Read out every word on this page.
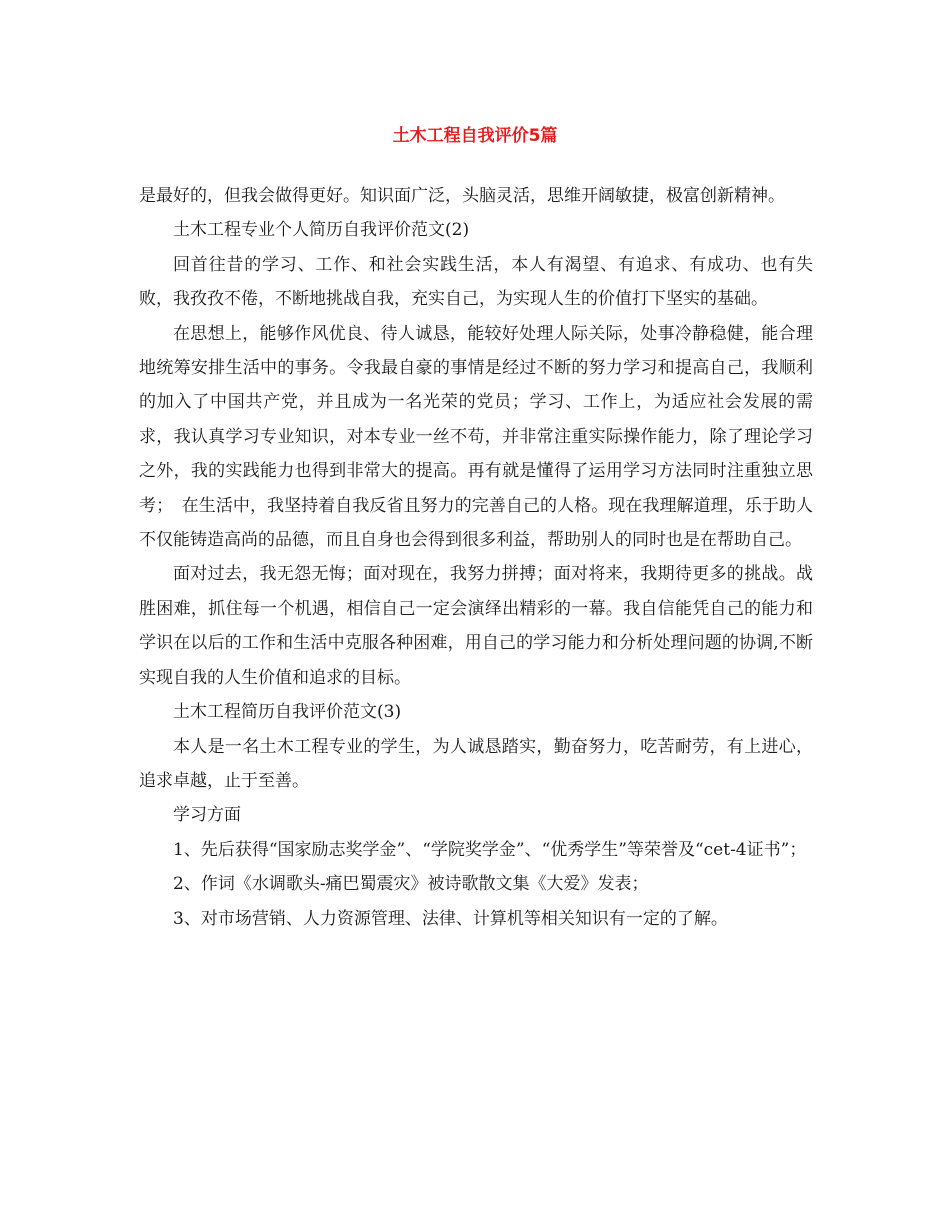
土木工程自我评价5篇

是最好的，但我会做得更好。知识面广泛，头脑灵活，思维开阔敏捷，极富创新精神。

土木工程专业个人简历自我评价范文(2)

回首往昔的学习、工作、和社会实践生活，本人有渴望、有追求、有成功、也有失败，我孜孜不倦，不断地挑战自我，充实自己，为实现人生的价值打下坚实的基础。

在思想上，能够作风优良、待人诚恳，能较好处理人际关际，处事冷静稳健，能合理地统筹安排生活中的事务。令我最自豪的事情是经过不断的努力学习和提高自己，我顺利的加入了中国共产党，并且成为一名光荣的党员；学习、工作上，为适应社会发展的需求，我认真学习专业知识，对本专业一丝不苟，并非常注重实际操作能力，除了理论学习之外，我的实践能力也得到非常大的提高。再有就是懂得了运用学习方法同时注重独立思考；　在生活中，我坚持着自我反省且努力的完善自己的人格。现在我理解道理，乐于助人不仅能铸造高尚的品德，而且自身也会得到很多利益，帮助别人的同时也是在帮助自己。

面对过去，我无怨无悔；面对现在，我努力拼搏；面对将来，我期待更多的挑战。战胜困难，抓住每一个机遇，相信自己一定会演绎出精彩的一幕。我自信能凭自己的能力和学识在以后的工作和生活中克服各种困难，用自己的学习能力和分析处理问题的协调,不断实现自我的人生价值和追求的目标。

土木工程简历自我评价范文(3)

本人是一名土木工程专业的学生，为人诚恳踏实，勤奋努力，吃苦耐劳，有上进心，追求卓越，止于至善。

学习方面

1、先后获得“国家励志奖学金”、“学院奖学金”、“优秀学生”等荣誉及“cet-4证书”；

2、作词《水调歌头-痛巴蜀震灾》被诗歌散文集《大爱》发表；

3、对市场营销、人力资源管理、法律、计算机等相关知识有一定的了解。
